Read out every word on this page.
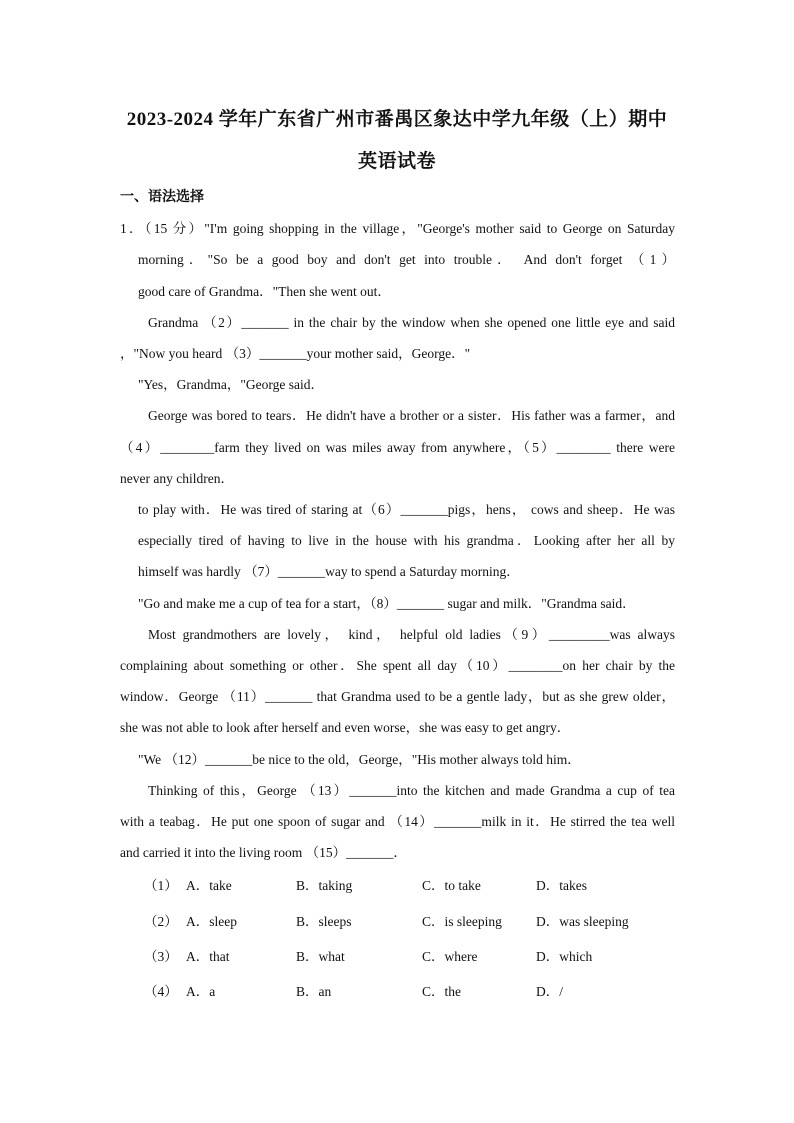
2023-2024 学年广东省广州市番禺区象达中学九年级（上）期中
英语试卷
一、语法选择
1．（15 分）"I'm going shopping in the village，"George's mother said to George on Saturday
morning．"So be a good boy and don't get into trouble． And don't forget （1）
good care of Grandma．"Then she went out．
Grandma （2）_______ in the chair by the window when she opened one little eye and said
，"Now you heard （3）_______your mother said，George．"
"Yes，Grandma，"George said．
George was bored to tears．He didn't have a brother or a sister．His father was a farmer，and
（4）________farm they lived on was miles away from anywhere，（5）________ there were
never any children．
to play with．He was tired of staring at（6）_______pigs，hens， cows and sheep．He was
especially tired of having to live in the house with his grandma．Looking after her all by
himself was hardly （7）_______way to spend a Saturday morning．
"Go and make me a cup of tea for a start，（8）_______ sugar and milk．"Grandma said．
Most grandmothers are lovely， kind， helpful old ladies（9）_________was always
complaining about something or other．She spent all day（10）________on her chair by the
window．George （11）_______ that Grandma used to be a gentle lady，but as she grew older，
she was not able to look after herself and even worse，she was easy to get angry．
"We （12）_______be nice to the old，George，"His mother always told him．
Thinking of this，George （13）_______into the kitchen and made Grandma a cup of tea
with a teabag．He put one spoon of sugar and （14）_______milk in it．He stirred the tea well
and carried it into the living room （15）_______．
（1） A．take	B．taking	C．to take	D．takes
（2） A．sleep	B．sleeps	C．is sleeping	D．was sleeping
（3） A．that	B．what	C．where	D．which
（4） A．a	B．an	C．the	D．/
